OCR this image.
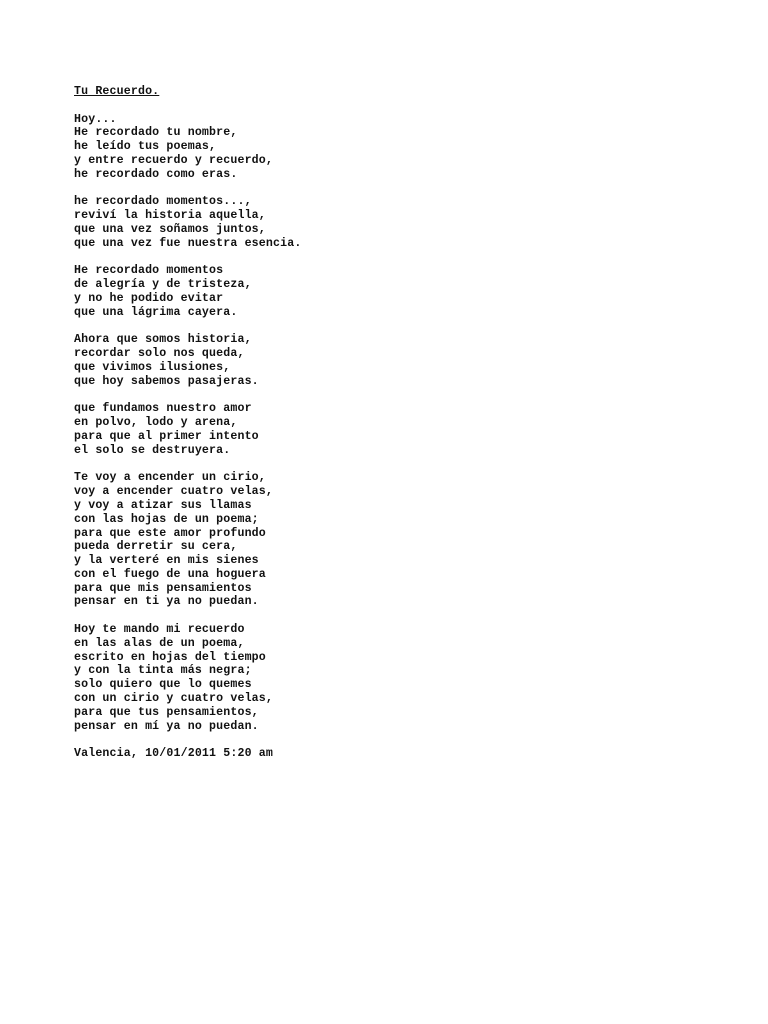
Tu Recuerdo.
Hoy...
He recordado tu nombre,
he leído tus poemas,
y entre recuerdo y recuerdo,
he recordado como eras.
he recordado momentos...,
reviví la historia aquella,
que una vez soñamos juntos,
que una vez fue nuestra esencia.
He recordado momentos
de alegría y de tristeza,
y no he podido evitar
que una lágrima cayera.
Ahora que somos historia,
recordar solo nos queda,
que vivimos ilusiones,
que hoy sabemos pasajeras.
que fundamos nuestro amor
en polvo, lodo y arena,
para que al primer intento
el solo se destruyera.
Te voy a encender un cirio,
voy a encender cuatro velas,
y voy a atizar sus llamas
con las hojas de un poema;
para que este amor profundo
pueda derretir su cera,
y la verteré en mis sienes
con el fuego de una hoguera
para que mis pensamientos
pensar en ti ya no puedan.
Hoy te mando mi recuerdo
en las alas de un poema,
escrito en hojas del tiempo
y con la tinta más negra;
solo quiero que lo quemes
con un cirio y cuatro velas,
para que tus pensamientos,
pensar en mí ya no puedan.
Valencia, 10/01/2011 5:20 am
